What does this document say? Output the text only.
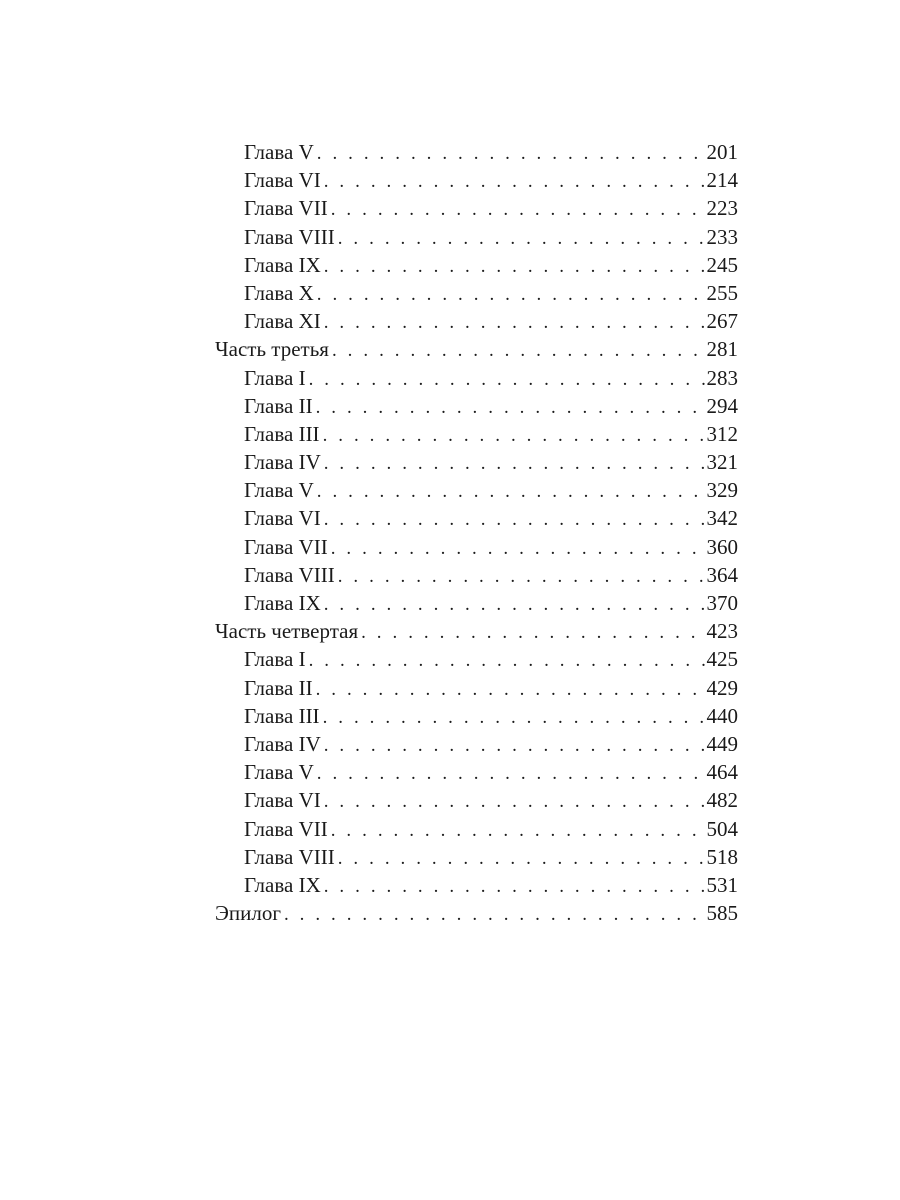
Глава V . . .	201
Глава VI . . .	214
Глава VII . . .	223
Глава VIII . . .	233
Глава IX . . .	245
Глава X . . .	255
Глава XI . . .	267
Часть третья . . .	281
Глава I . . .	283
Глава II . . .	294
Глава III . . .	312
Глава IV . . .	321
Глава V . . .	329
Глава VI . . .	342
Глава VII . . .	360
Глава VIII . . .	364
Глава IX . . .	370
Часть четвертая . . .	423
Глава I . . .	425
Глава II . . .	429
Глава III . . .	440
Глава IV . . .	449
Глава V . . .	464
Глава VI . . .	482
Глава VII . . .	504
Глава VIII . . .	518
Глава IX . . .	531
Эпилог . . .	585
